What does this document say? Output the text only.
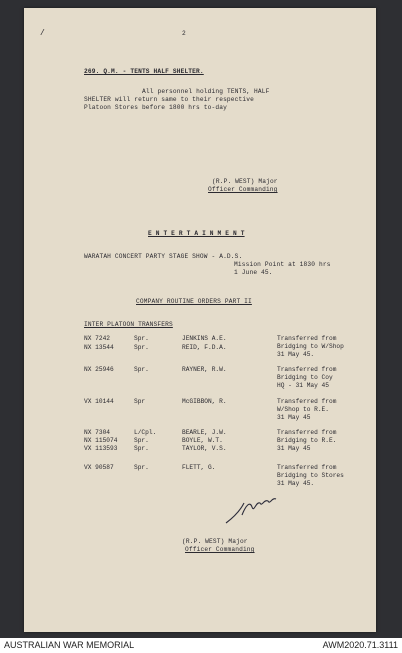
/	2
269. Q.M. - TENTS HALF SHELTER.
All personnel holding TENTS, HALF
SHELTER will return same to their respective
Platoon Stores before 1800 hrs to-day
(R.P. WEST) Major
Officer Commanding
E N T E R T A I N M E N T
WARATAH CONCERT PARTY STAGE SHOW - A.D.S.
Mission Point at 1830 hrs
1 June 45.
COMPANY ROUTINE ORDERS PART II
INTER PLATOON TRANSFERS
NX 7242	Spr.	JENKINS A.E.	Transferred from
Bridging to W/Shop
31 May 45.
NX 13544	Spr.	REID, F.D.A.
NX 25946	Spr.	RAYNER, R.W.	Transferred from
Bridging to Coy
HQ - 31 May 45
VX 10144	Spr	McGIBBON, R.	Transferred from
W/Shop to R.E.
31 May 45
NX 7304	L/Cpl.	BEARLE, J.W.	Transferred from
Bridging to R.E.
31 May 45
NX 115074	Spr.	BOYLE, W.T.
VX 113593	Spr.	TAYLOR, V.S.
VX 90587	Spr.	FLETT, G.	Transferred from
Bridging to Stores
31 May 45.
(R.P. WEST) Major
Officer Commanding
AUSTRALIAN WAR MEMORIAL	AWM2020.71.3111
